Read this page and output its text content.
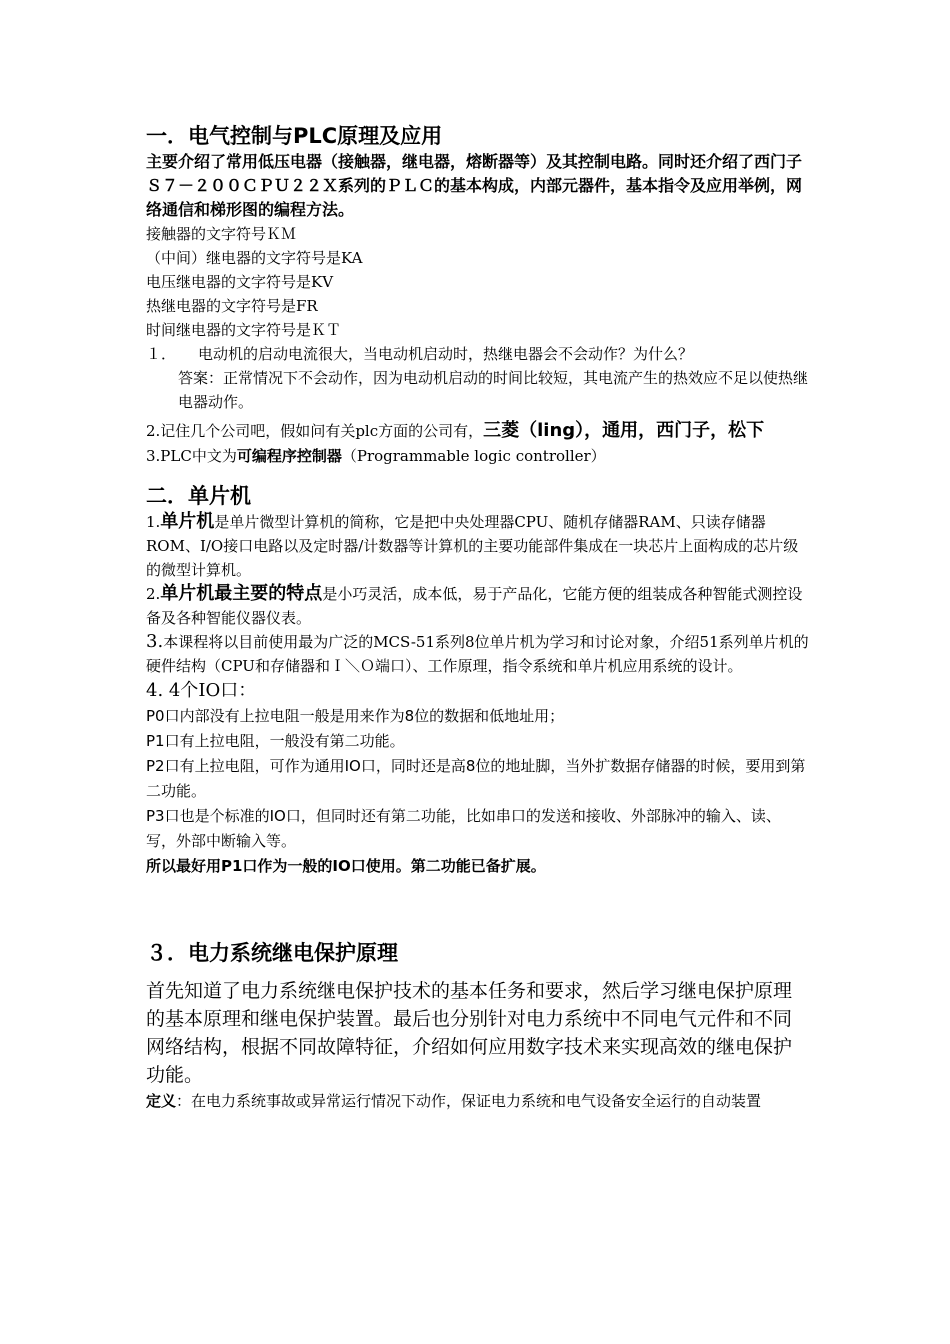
一．电气控制与PLC原理及应用

主要介绍了常用低压电器（接触器，继电器，熔断器等）及其控制电路。同时还介绍了西门子Ｓ７－２００ＣＰＵ２２Ｘ系列的ＰＬＣ的基本构成，内部元器件，基本指令及应用举例，网络通信和梯形图的编程方法。

接触器的文字符号ＫＭ

（中间）继电器的文字符号是KA

电压继电器的文字符号是KV

热继电器的文字符号是FR

时间继电器的文字符号是ＫＴ

１． 电动机的启动电流很大，当电动机启动时，热继电器会不会动作？为什么？
答案：正常情况下不会动作，因为电动机启动的时间比较短，其电流产生的热效应不足以使热继电器动作。

2.记住几个公司吧，假如问有关plc方面的公司有，三菱（ling），通用，西门子，松下

3.PLC中文为可编程序控制器（Programmable logic controller）

二．单片机

1.单片机是单片微型计算机的简称，它是把中央处理器CPU、随机存储器RAM、只读存储器ROM、I/O接口电路以及定时器/计数器等计算机的主要功能部件集成在一块芯片上面构成的芯片级的微型计算机。

2.单片机最主要的特点是小巧灵活，成本低，易于产品化，它能方便的组装成各种智能式测控设备及各种智能仪器仪表。

3.本课程将以目前使用最为广泛的MCS-51系列8位单片机为学习和讨论对象，介绍51系列单片机的硬件结构（CPU和存储器和Ｉ＼Ｏ端口）、工作原理，指令系统和单片机应用系统的设计。

4. 4个IO口：

P0口内部没有上拉电阻一般是用来作为8位的数据和低地址用；

P1口有上拉电阻，一般没有第二功能。

P2口有上拉电阻，可作为通用IO口，同时还是高8位的地址脚，当外扩数据存储器的时候，要用到第二功能。

P3口也是个标准的IO口，但同时还有第二功能，比如串口的发送和接收、外部脉冲的输入、读、写，外部中断输入等。

所以最好用P1口作为一般的IO口使用。第二功能已备扩展。

３．电力系统继电保护原理

首先知道了电力系统继电保护技术的基本任务和要求，然后学习继电保护原理的基本原理和继电保护装置。最后也分别针对电力系统中不同电气元件和不同网络结构，根据不同故障特征，介绍如何应用数字技术来实现高效的继电保护功能。

定义：在电力系统事故或异常运行情况下动作，保证电力系统和电气设备安全运行的自动装置
